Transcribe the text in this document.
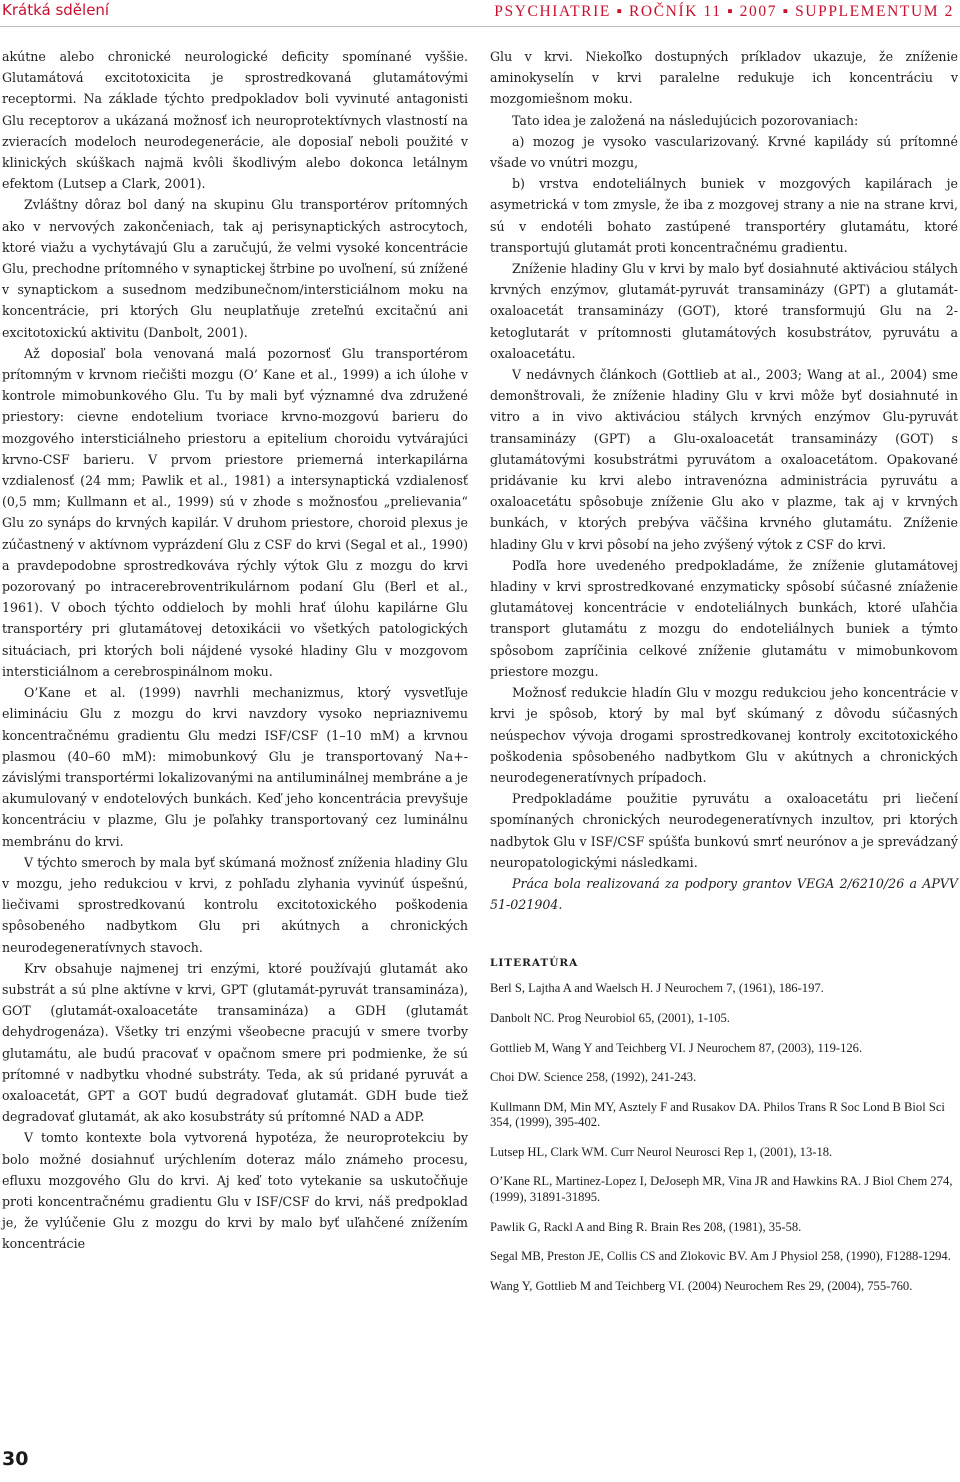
Krátká sdělení	PSYCHIATRIE ▪ ROČNÍK 11 ▪ 2007 ▪ SUPPLEMENTUM 2

akútne alebo chronické neurologické deficity spomínané vyššie. Glutamátová excitotoxicita je sprostredkovaná glutamátovými receptormi. Na základe týchto predpokladov boli vyvinuté antagonisti Glu receptorov a ukázaná možnosť ich neuroprotektívnych vlastností na zvieracích modeloch neurodegenerácie, ale doposiaľ neboli použité v klinických skúškach najmä kvôli škodlivým alebo dokonca letálnym efektom (Lutsep a Clark, 2001).

Zvláštny dôraz bol daný na skupinu Glu transportérov prítomných ako v nervových zakončeniach, tak aj perisynaptických astrocytoch, ktoré viažu a vychytávajú Glu a zaručujú, že velmi vysoké koncentrácie Glu, prechodne prítomného v synaptickej štrbine po uvoľnení, sú znížené v synaptickom a susednom medzibunečnom/intersticiálnom moku na koncentrácie, pri ktorých Glu neuplatňuje zreteľnú excitačnú ani excitotoxickú aktivitu (Danbolt, 2001).

Až doposiaľ bola venovaná malá pozornosť Glu transportérom prítomným v krvnom riečišti mozgu (O’ Kane et al., 1999) a ich úlohe v kontrole mimobunkového Glu. Tu by mali byť významné dva združené priestory: cievne endotelium tvoriace krvno-mozgovú barieru do mozgového intersticiálneho priestoru a epitelium choroidu vytvárajúci krvno-CSF barieru. V prvom priestore priemerná interkapilárna vzdialenosť (24 mm; Pawlik et al., 1981) a intersynaptická vzdialenosť (0,5 mm; Kullmann et al., 1999) sú v zhode s možnosťou „prelievania“ Glu zo synáps do krvných kapilár. V druhom priestore, choroid plexus je zúčastnený v aktívnom vyprázdení Glu z CSF do krvi (Segal et al., 1990) a pravdepodobne sprostredkováva rýchly výtok Glu z mozgu do krvi pozorovaný po intracerebroventrikulárnom podaní Glu (Berl et al., 1961). V oboch týchto oddieloch by mohli hrať úlohu kapilárne Glu transportéry pri glutamátovej detoxikácii vo všetkých patologických situáciach, pri ktorých boli nájdené vysoké hladiny Glu v mozgovom intersticiálnom a cerebrospinálnom moku.

O’Kane et al. (1999) navrhli mechanizmus, ktorý vysvetľuje elimináciu Glu z mozgu do krvi navzdory vysoko nepriaznivemu koncentračnému gradientu Glu medzi ISF/CSF (1–10 mM) a krvnou plasmou (40–60 mM): mimobunkový Glu je transportovaný Na+-závislými transportérmi lokalizovanými na antiluminálnej membráne a je akumulovaný v endotelových bunkách. Keď jeho koncentrácia prevyšuje koncentráciu v plazme, Glu je poľahky transportovaný cez luminálnu membránu do krvi.

V týchto smeroch by mala byť skúmaná možnosť zníženia hladiny Glu v mozgu, jeho redukciou v krvi, z pohľadu zlyhania vyvinúť úspešnú, liečivami sprostredkovanú kontrolu excitotoxického poškodenia spôsobeného nadbytkom Glu pri akútnych a chronických neurodegeneratívnych stavoch.

Krv obsahuje najmenej tri enzými, ktoré používajú glutamát ako substrát a sú plne aktívne v krvi, GPT (glutamát-pyruvát transamináza), GOT (glutamát-oxaloacetáte transamináza) a GDH (glutamát dehydrogenáza). Všetky tri enzými všeobecne pracujú v smere tvorby glutamátu, ale budú pracovať v opačnom smere pri podmienke, že sú prítomné v nadbytku vhodné substráty. Teda, ak sú pridané pyruvát a oxaloacetát, GPT a GOT budú degradovať glutamát. GDH bude tiež degradovať glutamát, ak ako kosubstráty sú prítomné NAD a ADP.

V tomto kontexte bola vytvorená hypotéza, že neuroprotekciu by bolo možné dosiahnuť urýchlením doteraz málo známeho procesu, efluxu mozgového Glu do krvi. Aj keď toto vytekanie sa uskutočňuje proti koncentračnému gradientu Glu v ISF/CSF do krvi, náš predpoklad je, že vylúčenie Glu z mozgu do krvi by malo byť uľahčené znížením koncentrácie

Glu v krvi. Niekoľko dostupných príkladov ukazuje, že zníženie aminokyselín v krvi paralelne redukuje ich koncentráciu v mozgomiešnom moku.

Tato idea je založená na následujúcich pozorovaniach:

a) mozog je vysoko vascularizovaný. Krvné kapilády sú prítomné všade vo vnútri mozgu,

b) vrstva endoteliálnych buniek v mozgových kapilárach je asymetrická v tom zmysle, že iba z mozgovej strany a nie na strane krvi, sú v endotéli bohato zastúpené transportéry glutamátu, ktoré transportujú glutamát proti koncentračnému gradientu.

Zníženie hladiny Glu v krvi by malo byť dosiahnuté aktiváciou stálych krvných enzýmov, glutamát-pyruvát transaminázy (GPT) a glutamát-oxaloacetát transaminázy (GOT), ktoré transformujú Glu na 2-ketoglutarát v prítomnosti glutamátových kosubstrátov, pyruvátu a oxaloacetátu.

V nedávnych článkoch (Gottlieb at al., 2003; Wang at al., 2004) sme demonštrovali, že zníženie hladiny Glu v krvi môže byť dosiahnuté in vitro a in vivo aktiváciou stálych krvných enzýmov Glu-pyruvát transaminázy (GPT) a Glu-oxaloacetát transaminázy (GOT) s glutamátovými kosubstrátmi pyruvátom a oxaloacetátom. Opakované pridávanie ku krvi alebo intravenózna administrácia pyruvátu a oxaloacetátu spôsobuje zníženie Glu ako v plazme, tak aj v krvných bunkách, v ktorých prebýva väčšina krvného glutamátu. Zníženie hladiny Glu v krvi pôsobí na jeho zvýšený výtok z CSF do krvi.

Podľa hore uvedeného predpokladáme, že zníženie glutamátovej hladiny v krvi sprostredkované enzymaticky spôsobí súčasné zníaženie glutamátovej koncentrácie v endoteliálnych bunkách, ktoré uľahčia transport glutamátu z mozgu do endoteliálnych buniek a týmto spôsobom zapríčinia celkové zníženie glutamátu v mimobunkovom priestore mozgu.

Možnosť redukcie hladín Glu v mozgu redukciou jeho koncentrácie v krvi je spôsob, ktorý by mal byť skúmaný z dôvodu súčasných neúspechov vývoja drogami sprostredkovanej kontroly excitotoxického poškodenia spôsobeného nadbytkom Glu v akútnych a chronických neurodegeneratívnych prípadoch.

Predpokladáme použitie pyruvátu a oxaloacetátu pri liečení spomínaných chronických neurodegeneratívnych inzultov, pri ktorých nadbytok Glu v ISF/CSF spúšťa bunkovú smrť neurónov a je sprevádzaný neuropatologickými následkami.

Práca bola realizovaná za podpory grantov VEGA 2/6210/26 a APVV 51-021904.

LITERATÚRA
Berl S, Lajtha A and Waelsch H. J Neurochem 7, (1961), 186-197.
Danbolt NC. Prog Neurobiol 65, (2001), 1-105.
Gottlieb M, Wang Y and Teichberg VI. J Neurochem 87, (2003), 119-126.
Choi DW. Science 258, (1992), 241-243.
Kullmann DM, Min MY, Asztely F and Rusakov DA. Philos Trans R Soc Lond B Biol Sci 354, (1999), 395-402.
Lutsep HL, Clark WM. Curr Neurol Neurosci Rep 1, (2001), 13-18.
O’Kane RL, Martinez-Lopez I, DeJoseph MR, Vina JR and Hawkins RA. J Biol Chem 274, (1999), 31891-31895.
Pawlik G, Rackl A and Bing R. Brain Res 208, (1981), 35-58.
Segal MB, Preston JE, Collis CS and Zlokovic BV. Am J Physiol 258, (1990), F1288-1294.
Wang Y, Gottlieb M and Teichberg VI. (2004) Neurochem Res 29, (2004), 755-760.
30
